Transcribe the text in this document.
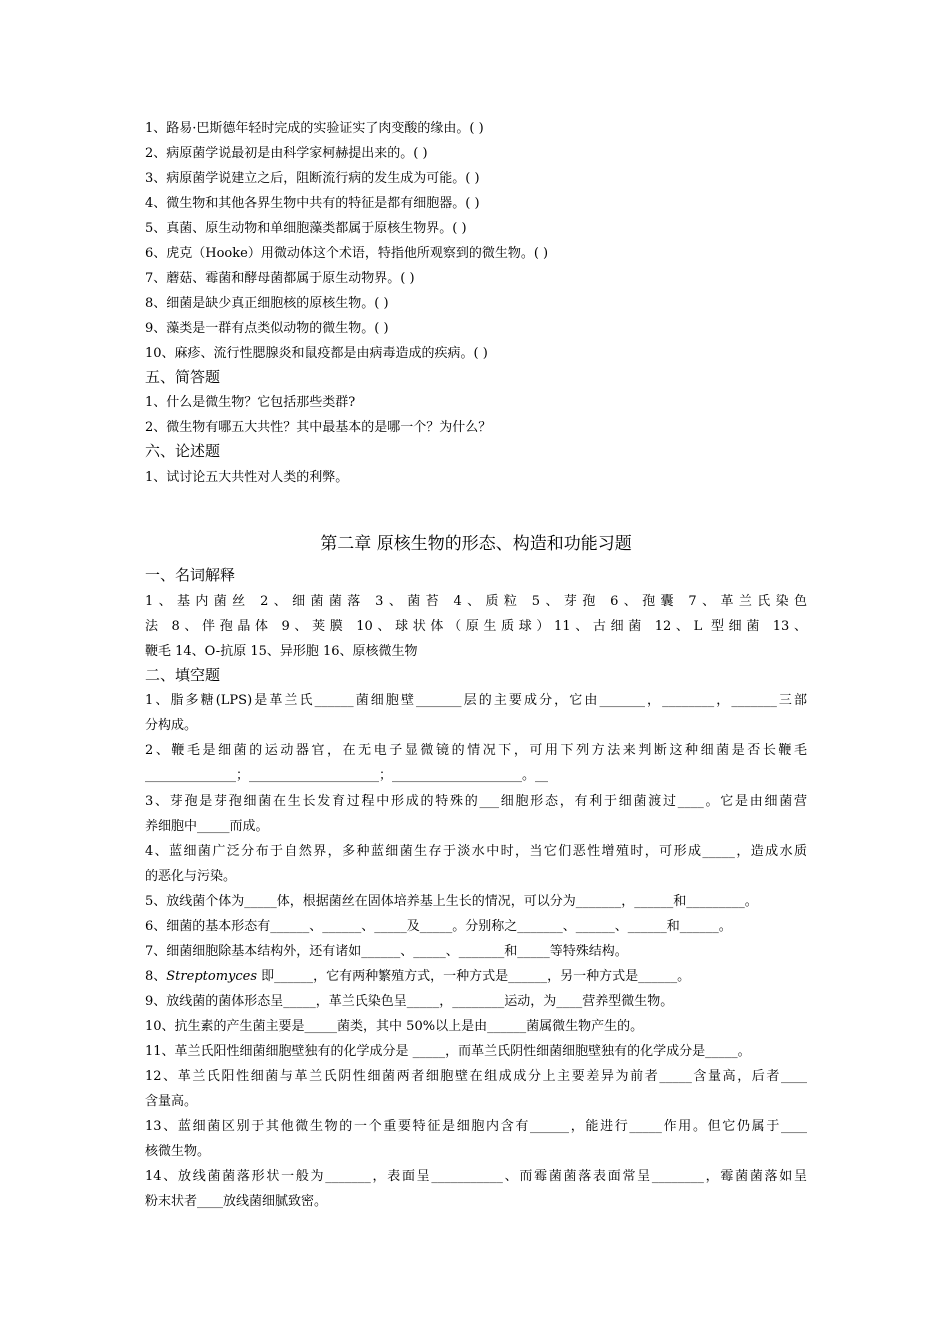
1、路易·巴斯德年轻时完成的实验证实了肉变酸的缘由。( )
2、病原菌学说最初是由科学家柯赫提出来的。( )
3、病原菌学说建立之后，阻断流行病的发生成为可能。( )
4、微生物和其他各界生物中共有的特征是都有细胞器。( )
5、真菌、原生动物和单细胞藻类都属于原核生物界。( )
6、虎克（Hooke）用微动体这个术语，特指他所观察到的微生物。( )
7、蘑菇、霉菌和酵母菌都属于原生动物界。( )
8、细菌是缺少真正细胞核的原核生物。( )
9、藻类是一群有点类似动物的微生物。( )
10、麻疹、流行性腮腺炎和鼠疫都是由病毒造成的疾病。( )
五、简答题
1、什么是微生物？它包括那些类群?
2、微生物有哪五大共性？其中最基本的是哪一个？为什么？
六、论述题
1、试讨论五大共性对人类的利弊。
第二章 原核生物的形态、构造和功能习题
一、名词解释
1、基内菌丝 2、细菌菌落 3、菌苔 4、质粒 5、芽孢 6、孢囊 7、革兰氏染色
法 8、伴孢晶体 9、荚膜 10、球状体（原生质球）11、古细菌 12、L 型细菌 13、
鞭毛 14、O-抗原 15、异形胞 16、原核微生物
二、填空题
1、脂多糖(LPS)是革兰氏______菌细胞壁_______层的主要成分，它由_______，________，_______三部
分构成。
2、鞭毛是细菌的运动器官，在无电子显微镜的情况下，可用下列方法来判断这种细菌是否长鞭毛
______________；____________________；____________________。__
3、芽孢是芽孢细菌在生长发育过程中形成的特殊的___细胞形态，有利于细菌渡过____。它是由细菌营
养细胞中_____而成。
4、蓝细菌广泛分布于自然界，多种蓝细菌生存于淡水中时，当它们恶性增殖时，可形成_____，造成水质
的恶化与污染。
5、放线菌个体为_____体，根据菌丝在固体培养基上生长的情况，可以分为_______，______和_________。
6、细菌的基本形态有______、______、_____及_____。分别称之_______、______、______和______。
7、细菌细胞除基本结构外，还有诸如______、_____、_______和_____等特殊结构。
8、Streptomyces 即______，它有两种繁殖方式，一种方式是______，另一种方式是______。
9、放线菌的菌体形态呈_____，革兰氏染色呈_____，________运动，为____营养型微生物。
10、抗生素的产生菌主要是_____菌类，其中 50%以上是由______菌属微生物产生的。
11、革兰氏阳性细菌细胞壁独有的化学成分是 _____，而革兰氏阴性细菌细胞壁独有的化学成分是_____。
12、革兰氏阳性细菌与革兰氏阴性细菌两者细胞壁在组成成分上主要差异为前者_____含量高，后者____
含量高。
13、蓝细菌区别于其他微生物的一个重要特征是细胞内含有______，能进行_____作用。但它仍属于____
核微生物。
14、放线菌菌落形状一般为_______，表面呈___________、而霉菌菌落表面常呈________，霉菌菌落如呈
粉末状者____放线菌细腻致密。
